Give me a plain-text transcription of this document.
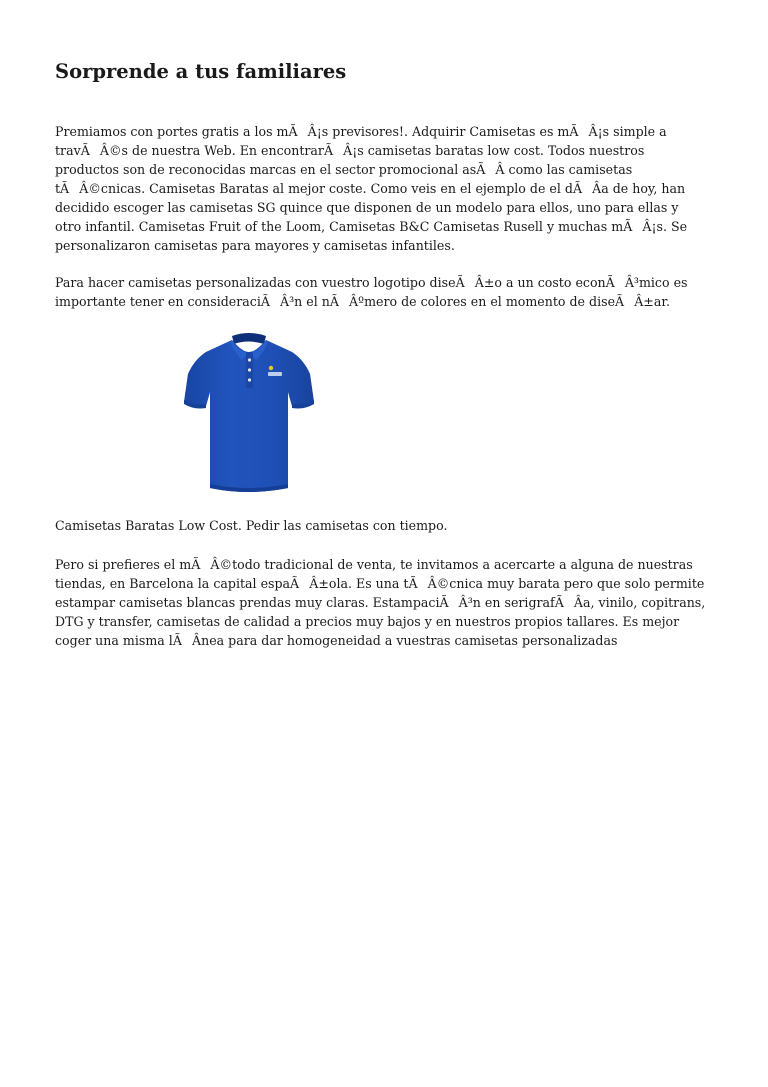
Sorprende a tus familiares

Premiamos con portes gratis a los mÃÂ¡s previsores!. Adquirir Camisetas es mÃÂ¡s simple a
travÃÂ©s de nuestra Web. En encontrarÃÂ¡s camisetas baratas low cost. Todos nuestros
productos son de reconocidas marcas en el sector promocional asÃÂ como las camisetas
tÃÂ©cnicas. Camisetas Baratas al mejor coste. Como veis en el ejemplo de el dÃÂa de hoy, han
decidido escoger las camisetas SG quince que disponen de un modelo para ellos, uno para ellas y
otro infantil. Camisetas Fruit of the Loom, Camisetas B&C Camisetas Rusell y muchas mÃÂ¡s. Se
personalizaron camisetas para mayores y camisetas infantiles.

Para hacer camisetas personalizadas con vuestro logotipo diseÃÂ±o a un costo econÃÂ³mico es
importante tener en consideraciÃÂ³n el nÃÂºmero de colores en el momento de diseÃÂ±ar.

Camisetas Baratas Low Cost. Pedir las camisetas con tiempo.

Pero si prefieres el mÃÂ©todo tradicional de venta, te invitamos a acercarte a alguna de nuestras
tiendas, en Barcelona la capital espaÃÂ±ola. Es una tÃÂ©cnica muy barata pero que solo permite
estampar camisetas blancas prendas muy claras. EstampaciÃÂ³n en serigrafÃÂa, vinilo, copitrans,
DTG y transfer, camisetas de calidad a precios muy bajos y en nuestros propios tallares. Es mejor
coger una misma lÃÂnea para dar homogeneidad a vuestras camisetas personalizadas
